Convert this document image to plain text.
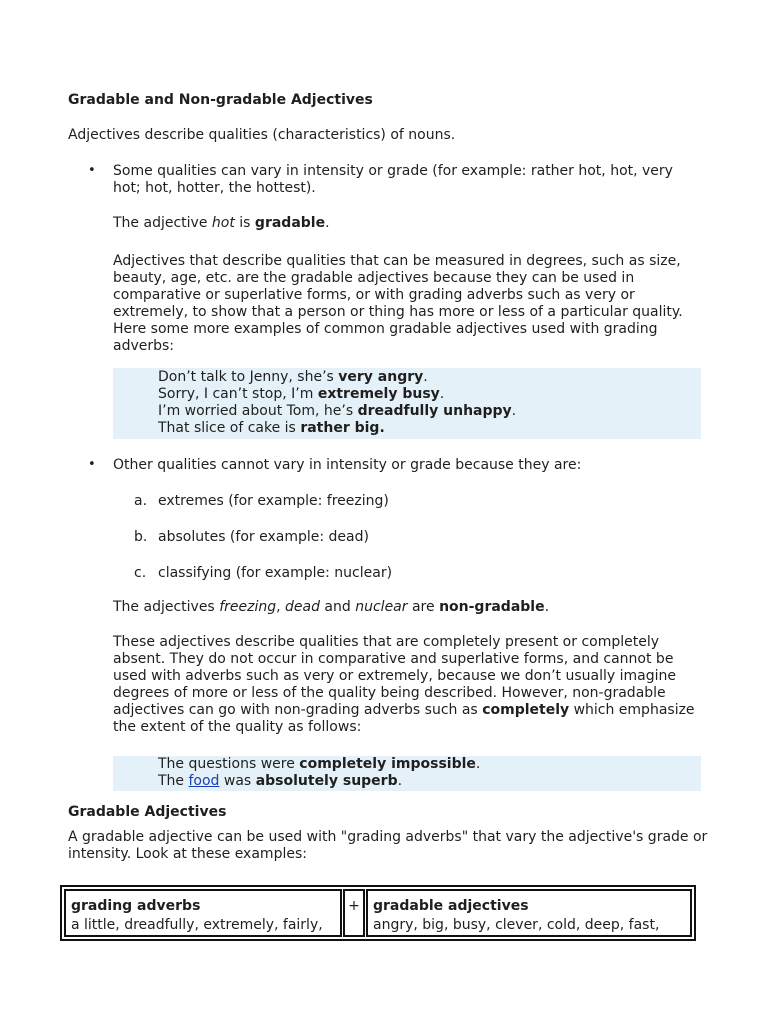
Gradable and Non-gradable Adjectives
Adjectives describe qualities (characteristics) of nouns.
• Some qualities can vary in intensity or grade (for example: rather hot, hot, very hot; hot, hotter, the hottest).
The adjective hot is gradable.
Adjectives that describe qualities that can be measured in degrees, such as size, beauty, age, etc. are the gradable adjectives because they can be used in comparative or superlative forms, or with grading adverbs such as very or extremely, to show that a person or thing has more or less of a particular quality. Here some more examples of common gradable adjectives used with grading adverbs:
Don’t talk to Jenny, she’s very angry.
Sorry, I can’t stop, I’m extremely busy.
I’m worried about Tom, he’s dreadfully unhappy.
That slice of cake is rather big.
• Other qualities cannot vary in intensity or grade because they are:
a. extremes (for example: freezing)
b. absolutes (for example: dead)
c. classifying (for example: nuclear)
The adjectives freezing, dead and nuclear are non-gradable.
These adjectives describe qualities that are completely present or completely absent. They do not occur in comparative and superlative forms, and cannot be used with adverbs such as very or extremely, because we don’t usually imagine degrees of more or less of the quality being described. However, non-gradable adjectives can go with non-grading adverbs such as completely which emphasize the extent of the quality as follows:
The questions were completely impossible.
The food was absolutely superb.
Gradable Adjectives
A gradable adjective can be used with "grading adverbs" that vary the adjective's grade or intensity. Look at these examples:
grading adverbs
a little, dreadfully, extremely, fairly,
+ gradable adjectives
angry, big, busy, clever, cold, deep, fast,
